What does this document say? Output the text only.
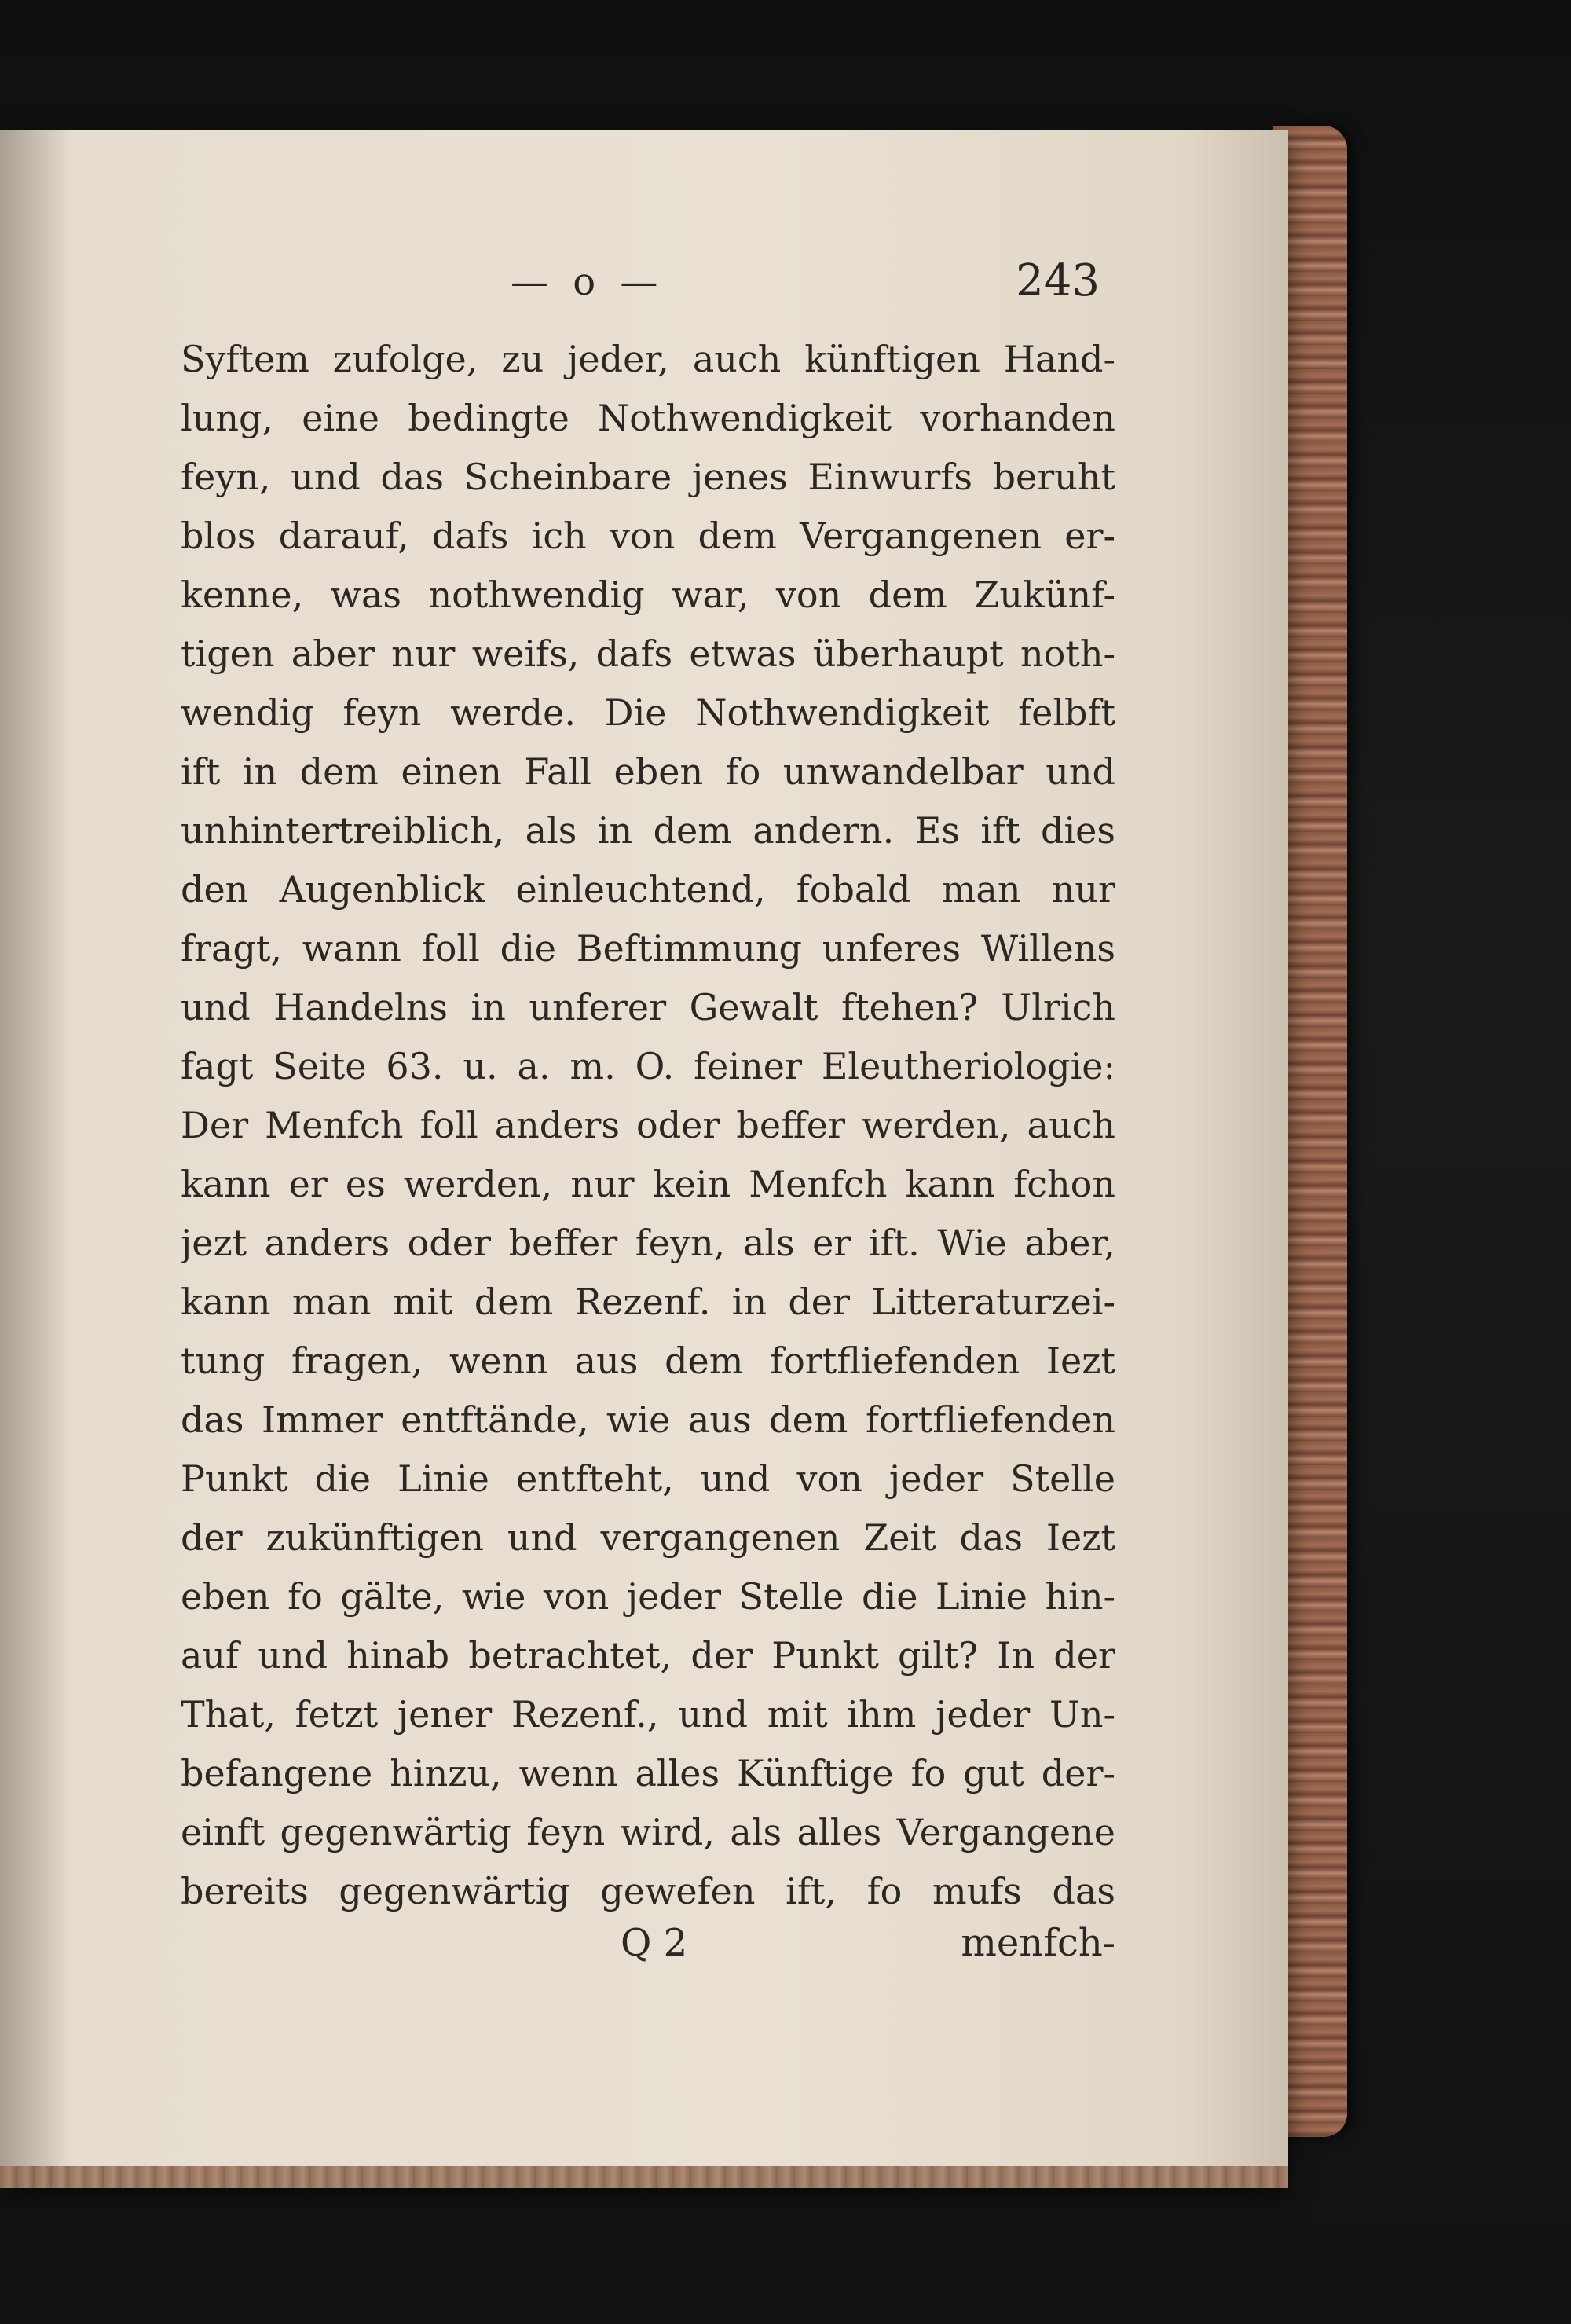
— o —	243
Syftem zufolge, zu jeder, auch künftigen Hand-
lung, eine bedingte Nothwendigkeit vorhanden
feyn, und das Scheinbare jenes Einwurfs beruht
blos darauf, dafs ich von dem Vergangenen er-
kenne, was nothwendig war, von dem Zukünf-
tigen aber nur weifs, dafs etwas überhaupt noth-
wendig feyn werde. Die Nothwendigkeit felbft
ift in dem einen Fall eben fo unwandelbar und
unhintertreiblich, als in dem andern. Es ift dies
den Augenblick einleuchtend, fobald man nur
fragt, wann foll die Beftimmung unferes Willens
und Handelns in unferer Gewalt ftehen? Ulrich
fagt Seite 63. u. a. m. O. feiner Eleutheriologie:
Der Menfch foll anders oder beffer werden, auch
kann er es werden, nur kein Menfch kann fchon
jezt anders oder beffer feyn, als er ift. Wie aber,
kann man mit dem Rezenf. in der Litteraturzei-
tung fragen, wenn aus dem fortfliefenden Iezt
das Immer entftände, wie aus dem fortfliefenden
Punkt die Linie entfteht, und von jeder Stelle
der zukünftigen und vergangenen Zeit das Iezt
eben fo gälte, wie von jeder Stelle die Linie hin-
auf und hinab betrachtet, der Punkt gilt? In der
That, fetzt jener Rezenf., und mit ihm jeder Un-
befangene hinzu, wenn alles Künftige fo gut der-
einft gegenwärtig feyn wird, als alles Vergangene
bereits gegenwärtig gewefen ift, fo mufs das
Q 2	menfch-
